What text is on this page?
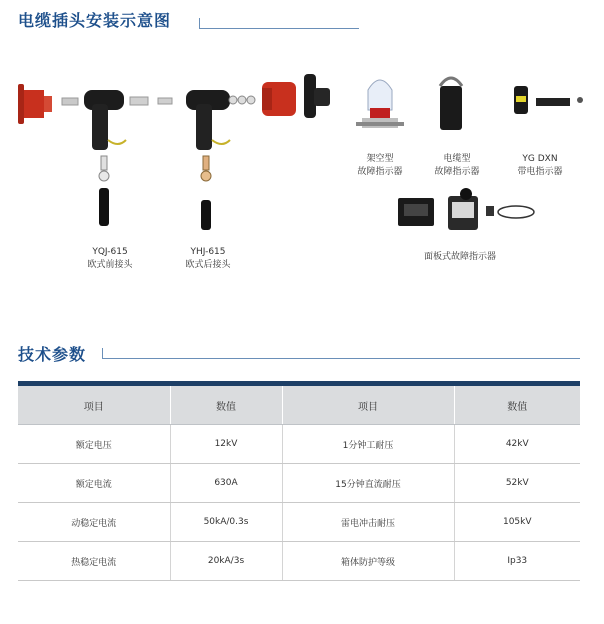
电缆插头安装示意图
YQJ-615
欧式前接头
YHJ-615
欧式后接头
架空型
故障指示器
电缆型
故障指示器
YG DXN
带电指示器
面板式故障指示器
技术参数
项目	数值	项目	数值
额定电压	12kV	1分钟工耐压	42kV
额定电流	630A	15分钟直流耐压	52kV
动稳定电流	50kA/0.3s	雷电冲击耐压	105kV
热稳定电流	20kA/3s	箱体防护等级	Ip33
